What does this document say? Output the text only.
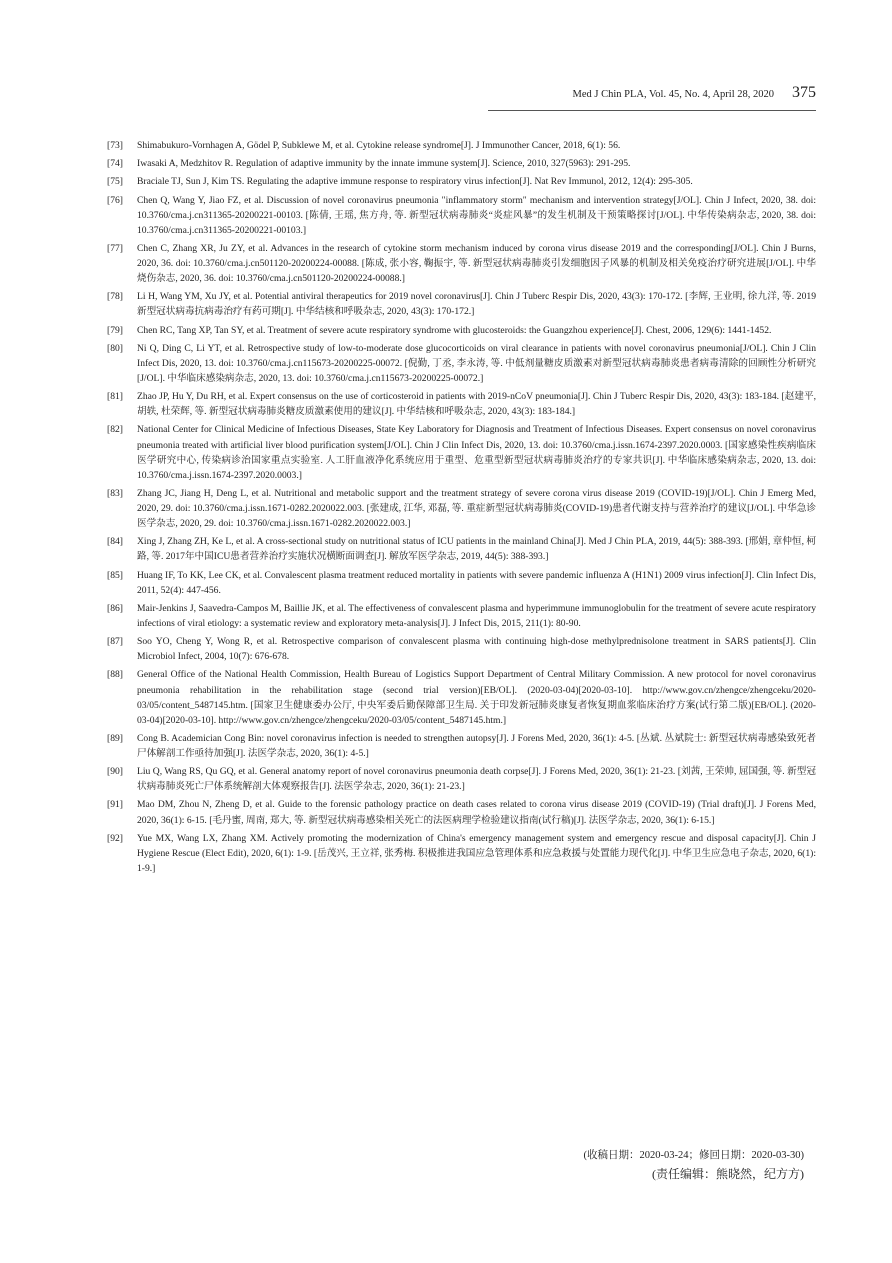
Med J Chin PLA, Vol. 45, No. 4, April 28, 2020 375
[73]	Shimabukuro-Vornhagen A, Gödel P, Subklewe M, et al. Cytokine release syndrome[J]. J Immunother Cancer, 2018, 6(1): 56.
[74]	Iwasaki A, Medzhitov R. Regulation of adaptive immunity by the innate immune system[J]. Science, 2010, 327(5963): 291-295.
[75]	Braciale TJ, Sun J, Kim TS. Regulating the adaptive immune response to respiratory virus infection[J]. Nat Rev Immunol, 2012, 12(4): 295-305.
[76]	Chen Q, Wang Y, Jiao FZ, et al. Discussion of novel coronavirus pneumonia "inflammatory storm" mechanism and intervention strategy[J/OL]. Chin J Infect, 2020, 38. doi: 10.3760/cma.j.cn311365-20200221-00103. [陈倩, 王瑶, 焦方舟, 等. 新型冠状病毒肺炎“炎症风暴”的发生机制及干预策略探讨[J/OL]. 中华传染病杂志, 2020, 38. doi: 10.3760/cma.j.cn311365-20200221-00103.]
[77]	Chen C, Zhang XR, Ju ZY, et al. Advances in the research of cytokine storm mechanism induced by corona virus disease 2019 and the corresponding[J/OL]. Chin J Burns, 2020, 36. doi: 10.3760/cma.j.cn501120-20200224-00088. [陈成, 张小容, 鞠振宇, 等. 新型冠状病毒肺炎引发细胞因子风暴的机制及相关免疫治疗研究进展[J/OL]. 中华烧伤杂志, 2020, 36. doi: 10.3760/cma.j.cn501120-20200224-00088.]
[78]	Li H, Wang YM, Xu JY, et al. Potential antiviral therapeutics for 2019 novel coronavirus[J]. Chin J Tuberc Respir Dis, 2020, 43(3): 170-172. [李辉, 王业明, 徐九洋, 等. 2019新型冠状病毒抗病毒治疗有药可期[J]. 中华结核和呼吸杂志, 2020, 43(3): 170-172.]
[79]	Chen RC, Tang XP, Tan SY, et al. Treatment of severe acute respiratory syndrome with glucosteroids: the Guangzhou experience[J]. Chest, 2006, 129(6): 1441-1452.
[80]	Ni Q, Ding C, Li YT, et al. Retrospective study of low-to-moderate dose glucocorticoids on viral clearance in patients with novel coronavirus pneumonia[J/OL]. Chin J Clin Infect Dis, 2020, 13. doi: 10.3760/cma.j.cn115673-20200225-00072. [倪勤, 丁丞, 李永涛, 等. 中低剂量糖皮质激素对新型冠状病毒肺炎患者病毒清除的回顾性分析研究[J/OL]. 中华临床感染病杂志, 2020, 13. doi: 10.3760/cma.j.cn115673-20200225-00072.]
[81]	Zhao JP, Hu Y, Du RH, et al. Expert consensus on the use of corticosteroid in patients with 2019-nCoV pneumonia[J]. Chin J Tuberc Respir Dis, 2020, 43(3): 183-184. [赵建平, 胡轶, 杜荣辉, 等. 新型冠状病毒肺炎糖皮质激素使用的建议[J]. 中华结核和呼吸杂志, 2020, 43(3): 183-184.]
[82]	National Center for Clinical Medicine of Infectious Diseases, State Key Laboratory for Diagnosis and Treatment of Infectious Diseases. Expert consensus on novel coronavirus pneumonia treated with artificial liver blood purification system[J/OL]. Chin J Clin Infect Dis, 2020, 13. doi: 10.3760/cma.j.issn.1674-2397.2020.0003. [国家感染性疾病临床医学研究中心, 传染病诊治国家重点实验室. 人工肝血液净化系统应用于重型、危重型新型冠状病毒肺炎治疗的专家共识[J]. 中华临床感染病杂志, 2020, 13. doi: 10.3760/cma.j.issn.1674-2397.2020.0003.]
[83]	Zhang JC, Jiang H, Deng L, et al. Nutritional and metabolic support and the treatment strategy of severe corona virus disease 2019 (COVID-19)[J/OL]. Chin J Emerg Med, 2020, 29. doi: 10.3760/cma.j.issn.1671-0282.2020022.003. [张建成, 江华, 邓磊, 等. 重症新型冠状病毒肺炎(COVID-19)患者代谢支持与营养治疗的建议[J/OL]. 中华急诊医学杂志, 2020, 29. doi: 10.3760/cma.j.issn.1671-0282.2020022.003.]
[84]	Xing J, Zhang ZH, Ke L, et al. A cross-sectional study on nutritional status of ICU patients in the mainland China[J]. Med J Chin PLA, 2019, 44(5): 388-393. [邢娟, 章仲恒, 柯路, 等. 2017年中国ICU患者营养治疗实施状况横断面调查[J]. 解放军医学杂志, 2019, 44(5): 388-393.]
[85]	Huang IF, To KK, Lee CK, et al. Convalescent plasma treatment reduced mortality in patients with severe pandemic influenza A (H1N1) 2009 virus infection[J]. Clin Infect Dis, 2011, 52(4): 447-456.
[86]	Mair-Jenkins J, Saavedra-Campos M, Baillie JK, et al. The effectiveness of convalescent plasma and hyperimmune immunoglobulin for the treatment of severe acute respiratory infections of viral etiology: a systematic review and exploratory meta-analysis[J]. J Infect Dis, 2015, 211(1): 80-90.
[87]	Soo YO, Cheng Y, Wong R, et al. Retrospective comparison of convalescent plasma with continuing high-dose methylprednisolone treatment in SARS patients[J]. Clin Microbiol Infect, 2004, 10(7): 676-678.
[88]	General Office of the National Health Commission, Health Bureau of Logistics Support Department of Central Military Commission. A new protocol for novel coronavirus pneumonia rehabilitation in the rehabilitation stage (second trial version)[EB/OL]. (2020-03-04)[2020-03-10]. http://www.gov.cn/zhengce/zhengceku/2020-03/05/content_5487145.htm. [国家卫生健康委办公厅, 中央军委后勤保障部卫生局. 关于印发新冠肺炎康复者恢复期血浆临床治疗方案(试行第二版)[EB/OL]. (2020-03-04)[2020-03-10]. http://www.gov.cn/zhengce/zhengceku/2020-03/05/content_5487145.htm.]
[89]	Cong B. Academician Cong Bin: novel coronavirus infection is needed to strengthen autopsy[J]. J Forens Med, 2020, 36(1): 4-5. [丛斌. 丛斌院士: 新型冠状病毒感染致死者尸体解剖工作亟待加强[J]. 法医学杂志, 2020, 36(1): 4-5.]
[90]	Liu Q, Wang RS, Qu GQ, et al. General anatomy report of novel coronavirus pneumonia death corpse[J]. J Forens Med, 2020, 36(1): 21-23. [刘茜, 王荣帅, 屈国强, 等. 新型冠状病毒肺炎死亡尸体系统解剖大体观察报告[J]. 法医学杂志, 2020, 36(1): 21-23.]
[91]	Mao DM, Zhou N, Zheng D, et al. Guide to the forensic pathology practice on death cases related to corona virus disease 2019 (COVID-19) (Trial draft)[J]. J Forens Med, 2020, 36(1): 6-15. [毛丹蜜, 周南, 郑大, 等. 新型冠状病毒感染相关死亡的法医病理学检验建议指南(试行稿)[J]. 法医学杂志, 2020, 36(1): 6-15.]
[92]	Yue MX, Wang LX, Zhang XM. Actively promoting the modernization of China's emergency management system and emergency rescue and disposal capacity[J]. Chin J Hygiene Rescue (Elect Edit), 2020, 6(1): 1-9. [岳茂兴, 王立祥, 张秀梅. 积极推进我国应急管理体系和应急救援与处置能力现代化[J]. 中华卫生应急电子杂志, 2020, 6(1): 1-9.]
(收稿日期：2020-03-24；修回日期：2020-03-30)
(责任编辑：熊晓然，纪方方)
